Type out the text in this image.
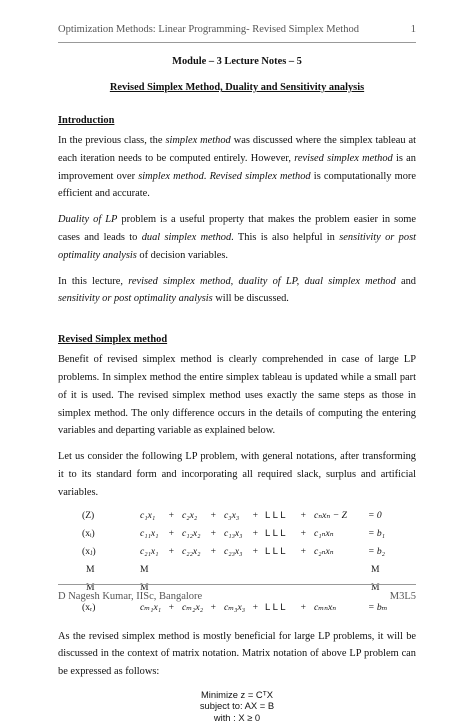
Optimization Methods: Linear Programming- Revised Simplex Method	1
Module – 3 Lecture Notes – 5
Revised Simplex Method, Duality and Sensitivity analysis
Introduction

In the previous class, the simplex method was discussed where the simplex tableau at each iteration needs to be computed entirely. However, revised simplex method is an improvement over simplex method. Revised simplex method is computationally more efficient and accurate.

Duality of LP problem is a useful property that makes the problem easier in some cases and leads to dual simplex method. This is also helpful in sensitivity or post optimality analysis of decision variables.

In this lecture, revised simplex method, duality of LP, dual simplex method and sensitivity or post optimality analysis will be discussed.

Revised Simplex method

Benefit of revised simplex method is clearly comprehended in case of large LP problems. In simplex method the entire simplex tableau is updated while a small part of it is used. The revised simplex method uses exactly the same steps as those in simplex method. The only difference occurs in the details of computing the entering variables and departing variable as explained below.

Let us consider the following LP problem, with general notations, after transforming it to its standard form and incorporating all required slack, surplus and artificial variables.

(Z)	c₁x₁ + c₂x₂ + c₃x₃ + L L L + cₙxₙ − Z = 0
(xᵢ)	c₁₁x₁ + c₁₂x₂ + c₁₃x₃ + L L L + c₁ₙxₙ	= b₁
(xⱼ)	c₂₁x₁ + c₂₂x₂ + c₂₃x₃ + L L L + c₂ₙxₙ	= b₂
M	M	M
M	M	M
(xᵣ)	cₘ₁x₁ + cₘ₂x₂ + cₘ₃x₃ + L L L + cₘₙxₙ	= bₘ

As the revised simplex method is mostly beneficial for large LP problems, it will be discussed in the context of matrix notation. Matrix notation of above LP problem can be expressed as follows:

Minimize z = CᵀX
subject to: AX = B
with : X ≥ 0
D Nagesh Kumar, IISc, Bangalore	M3L5
